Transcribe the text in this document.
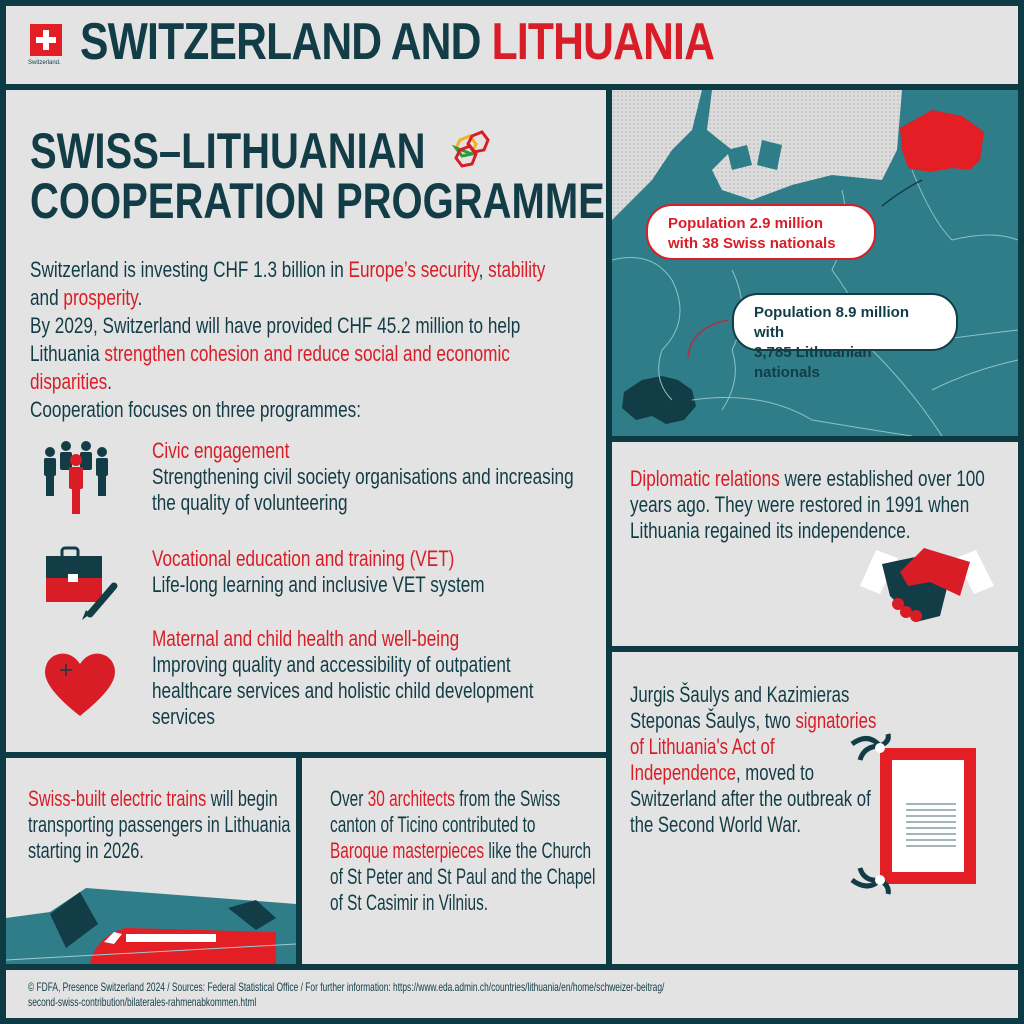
Switzerland. SWITZERLAND AND LITHUANIA
SWISS–LITHUANIAN
COOPERATION PROGRAMME

Switzerland is investing CHF 1.3 billion in Europe’s security, stability and prosperity.

By 2029, Switzerland will have provided CHF 45.2 million to help Lithuania strengthen cohesion and reduce social and economic disparities.

Cooperation focuses on three programmes:

Civic engagement
Strengthening civil society organisations and increasing the quality of volunteering
Vocational education and training (VET)
Life-long learning and inclusive VET system
Maternal and child health and well-being
Improving quality and accessibility of outpatient healthcare services and holistic child development services
Population 2.9 million
with 38 Swiss nationals
Population 8.9 million with
3,785 Lithuanian nationals
Diplomatic relations were established over 100 years ago. They were restored in 1991 when Lithuania regained its independence.
Jurgis Šaulys and Kazimieras Steponas Šaulys, two signatories of Lithuania's Act of Independence, moved to Switzerland after the outbreak of the Second World War.
Swiss-built electric trains will begin transporting passengers in Lithuania starting in 2026.
Over 30 architects from the Swiss canton of Ticino contributed to Baroque masterpieces like the Church of St Peter and St Paul and the Chapel of St Casimir in Vilnius.
© FDFA, Presence Switzerland 2024 / Sources: Federal Statistical Office / For further information: https://www.eda.admin.ch/countries/lithuania/en/home/schweizer-beitrag/
second-swiss-contribution/bilaterales-rahmenabkommen.html
